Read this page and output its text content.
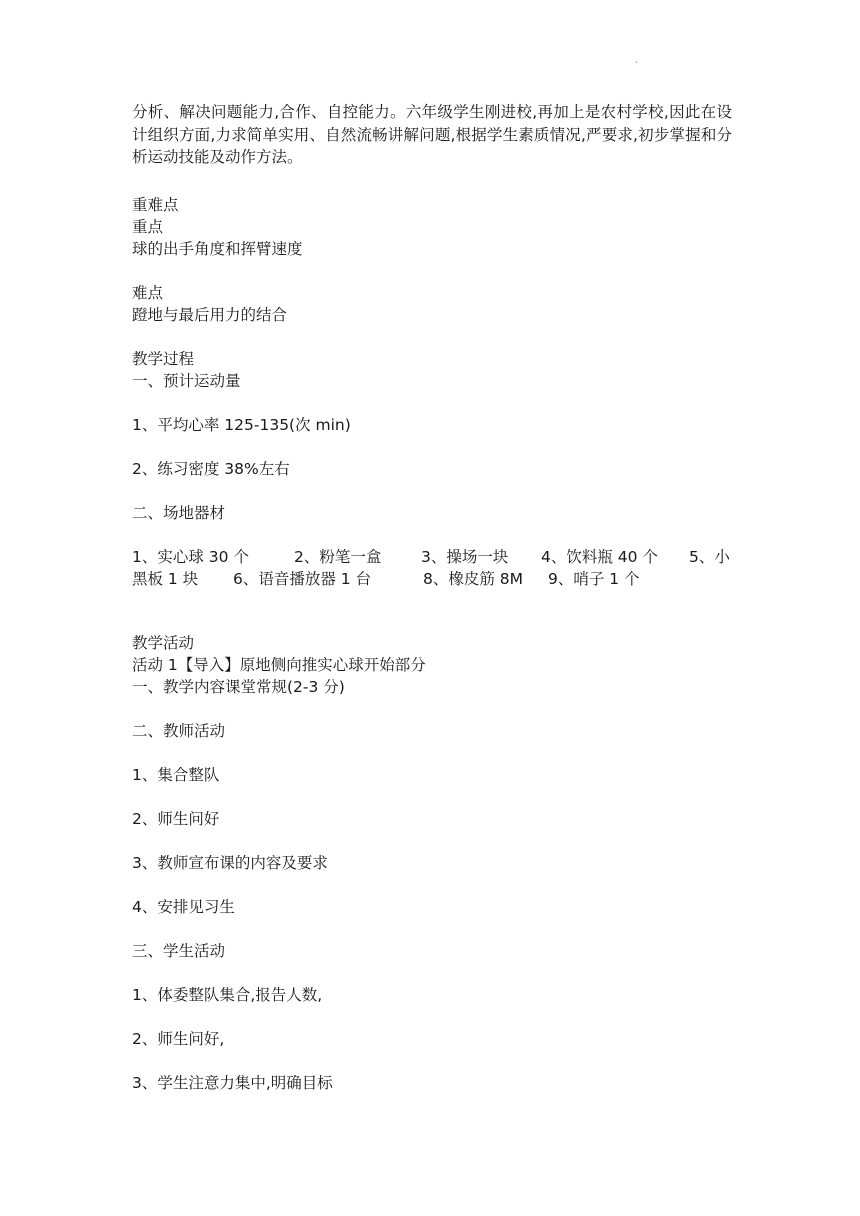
·
分析、解决问题能力,合作、自控能力。六年级学生刚进校,再加上是农村学校,因此在设计组织方面,力求简单实用、自然流畅讲解问题,根据学生素质情况,严要求,初步掌握和分析运动技能及动作方法。
重难点
重点
球的出手角度和挥臂速度
难点
蹬地与最后用力的结合
教学过程
一、预计运动量
1、平均心率 125-135(次 min)
2、练习密度 38%左右
二、场地器材
1、实心球 30 个	2、粉笔一盒	3、操场一块 4、饮料瓶 40 个 5、小
黑板 1 块 6、语音播放器 1 台	8、橡皮筋 8M 9、哨子 1 个
教学活动
活动 1【导入】原地侧向推实心球开始部分
一、教学内容课堂常规(2-3 分)
二、教师活动
1、集合整队
2、师生问好
3、教师宣布课的内容及要求
4、安排见习生
三、学生活动
1、体委整队集合,报告人数,
2、师生问好,
3、学生注意力集中,明确目标
